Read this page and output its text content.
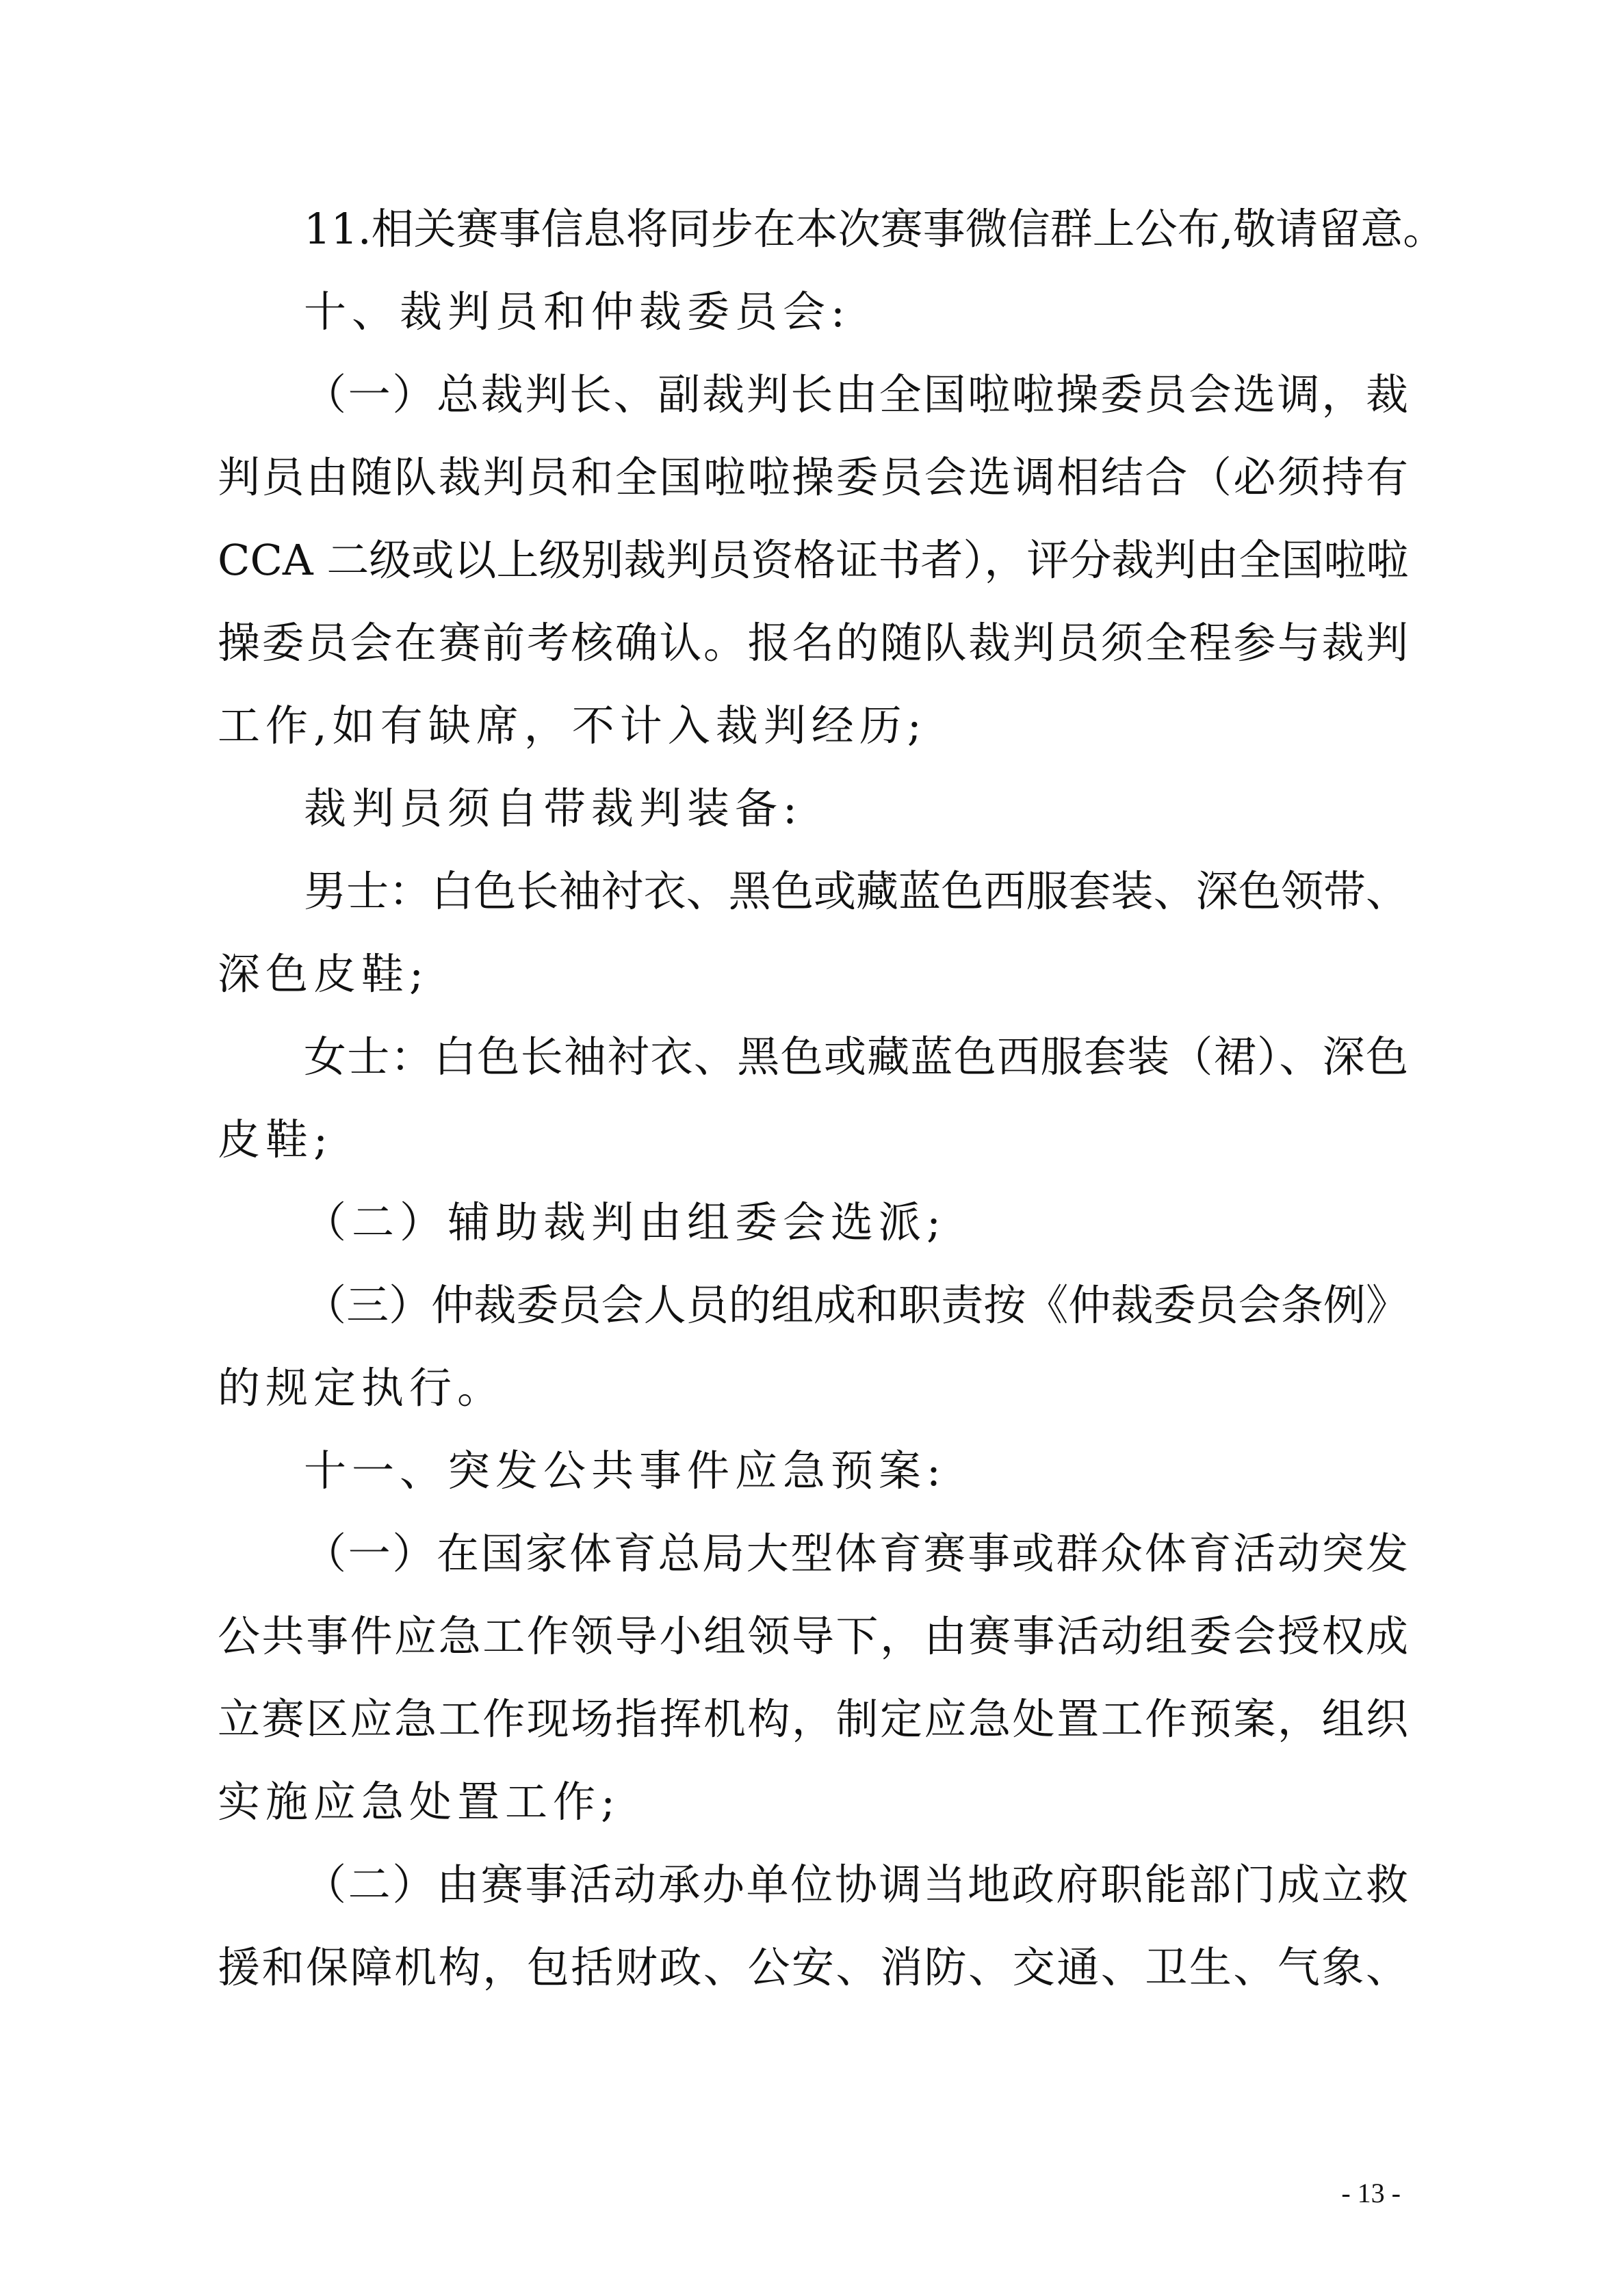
11.相关赛事信息将同步在本次赛事微信群上公布,敬请留意。
十、裁判员和仲裁委员会:
（一）总裁判长、副裁判长由全国啦啦操委员会选调，裁
判员由随队裁判员和全国啦啦操委员会选调相结合（必须持有
CCA 二级或以上级别裁判员资格证书者），评分裁判由全国啦啦
操委员会在赛前考核确认。报名的随队裁判员须全程参与裁判
工作,如有缺席，不计入裁判经历;
裁判员须自带裁判装备:
男士：白色长袖衬衣、黑色或藏蓝色西服套装、深色领带、
深色皮鞋;
女士：白色长袖衬衣、黑色或藏蓝色西服套装（裙）、深色
皮鞋;
（二）辅助裁判由组委会选派;
（三）仲裁委员会人员的组成和职责按《仲裁委员会条例》
的规定执行。
十一、突发公共事件应急预案:
（一）在国家体育总局大型体育赛事或群众体育活动突发
公共事件应急工作领导小组领导下，由赛事活动组委会授权成
立赛区应急工作现场指挥机构，制定应急处置工作预案，组织
实施应急处置工作;
（二）由赛事活动承办单位协调当地政府职能部门成立救
援和保障机构，包括财政、公安、消防、交通、卫生、气象、
- 13 -
